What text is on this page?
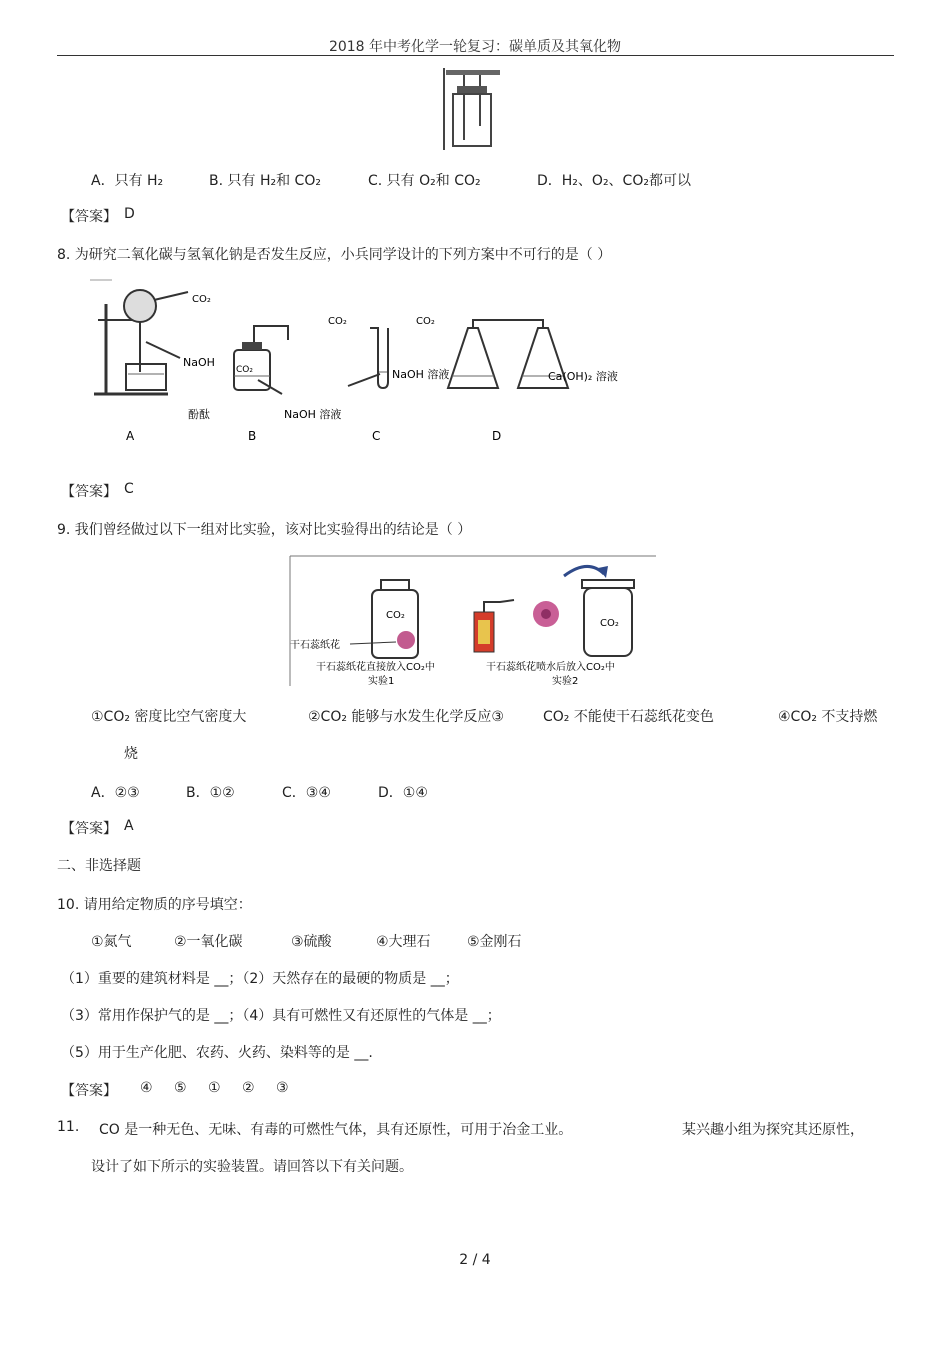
2018 年中考化学一轮复习：碳单质及其氧化物
A．只有 H₂	B. 只有 H₂和 CO₂	C. 只有 O₂和 CO₂	D．H₂、O₂、CO₂都可以
【答案】 D
8. 为研究二氧化碳与氢氧化钠是否发生反应，小兵同学设计的下列方案中不可行的是（ ）
CO₂
NaOH
酚酞
A
CO₂
NaOH 溶液
B
CO₂
NaOH 溶液
C
CO₂
Ca(OH)₂ 溶液
D
【答案】 C
9. 我们曾经做过以下一组对比实验，该对比实验得出的结论是（ ）
CO₂
干石蕊纸花
干石蕊纸花直接放入CO₂中
实验1
CO₂
干石蕊纸花喷水后放入CO₂中
实验2
①CO₂ 密度比空气密度大	②CO₂ 能够与水发生化学反应③	CO₂ 不能使干石蕊纸花变色	④CO₂ 不支持燃
烧
A．②③	B．①②	C．③④	D．①④
【答案】 A
二、非选择题
10. 请用给定物质的序号填空：
①氮气	②一氧化碳	③硫酸	④大理石	⑤金刚石
（1）重要的建筑材料是 __；（2）天然存在的最硬的物质是 __；
（3）常用作保护气的是 __；（4）具有可燃性又有还原性的气体是 __；
（5）用于生产化肥、农药、火药、染料等的是 __.
【答案】 ④ ⑤ ① ② ③
11. CO 是一种无色、无味、有毒的可燃性气体，具有还原性，可用于冶金工业。	某兴趣小组为探究其还原性，
设计了如下所示的实验装置。请回答以下有关问题。
2 / 4
